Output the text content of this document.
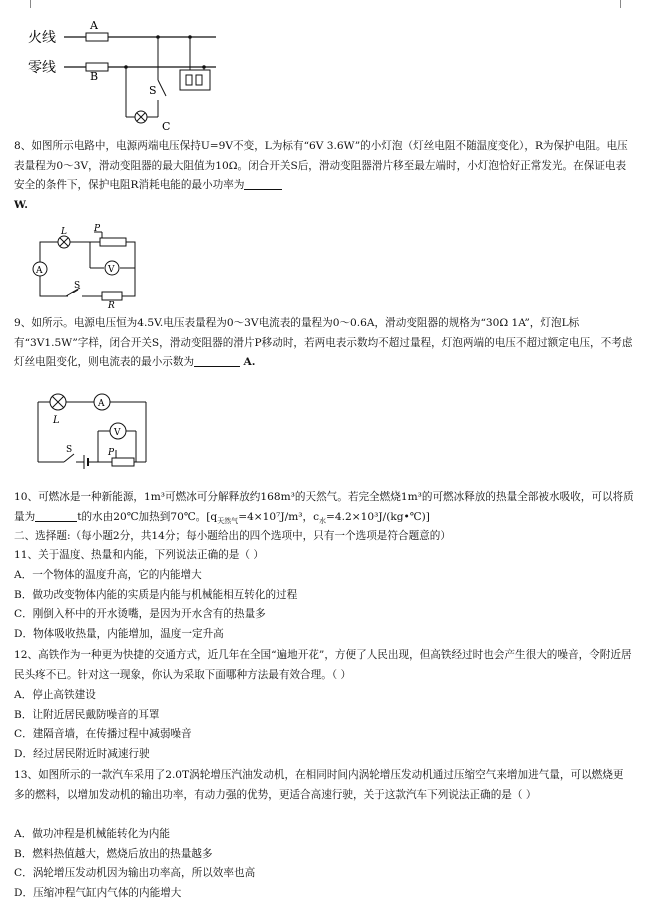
火线
零线
A
B
S
C

8、如图所示电路中，电源两端电压保持U=9V不变，L为标有“6V 3.6W”的小灯泡（灯丝电阻不随温度变化），R为保护电阻。电压表量程为0～3V，滑动变阻器的最大阻值为10Ω。闭合开关S后，滑动变阻器滑片移至最左端时，小灯泡恰好正常发光。在保证电表安全的条件下，保护电阻R消耗电能的最小功率为
W.

A
L	P
V
S
R

9、如所示。电源电压恒为4.5V.电压表量程为0～3V电流表的量程为0～0.6A，滑动变阻器的规格为“30Ω 1A”，灯泡L标有“3V1.5W”字样，闭合开关S，滑动变阻器的滑片P移动时，若两电表示数均不超过量程，灯泡两端的电压不超过额定电压，不考虑灯丝电阻变化，则电流表的最小示数为	A.

L
A
V
S	P

10、可燃冰是一种新能源，1m³可燃冰可分解释放约168m³的天然气。若完全燃烧1m³的可燃冰释放的热量全部被水吸收，可以将质量为	t的水由20℃加热到70℃。[$q_{天然气}=4\times 10^7J/m^3$，$c_水=4.2\times 10^3J/(kg•℃)$]

二、选择题:（每小题2分，共14分；每小题给出的四个选项中，只有一个选项是符合题意的）
11、关于温度、热量和内能，下列说法正确的是（ ）
A．一个物体的温度升高，它的内能增大
B．做功改变物体内能的实质是内能与机械能相互转化的过程
C．刚倒入杯中的开水烫嘴，是因为开水含有的热量多
D．物体吸收热量，内能增加，温度一定升高

12、高铁作为一种更为快捷的交通方式，近几年在全国“遍地开花”，方便了人民出现，但高铁经过时也会产生很大的噪音，令附近居民头疼不已。针对这一现象，你认为采取下面哪种方法最有效合理。（ ）

A．停止高铁建设
B．让附近居民戴防噪音的耳罩
C．建隔音墙，在传播过程中减弱噪音
D．经过居民附近时减速行驶

13、如图所示的一款汽车采用了2.0T涡轮增压汽油发动机，在相同时间内涡轮增压发动机通过压缩空气来增加进气量，可以燃烧更多的燃料，以增加发动机的输出功率，有动力强的优势，更适合高速行驶，关于这款汽车下列说法正确的是（ ）

A．做功冲程是机械能转化为内能
B．燃料热值越大，燃烧后放出的热量越多
C．涡轮增压发动机因为输出功率高，所以效率也高
D．压缩冲程气缸内气体的内能增大
